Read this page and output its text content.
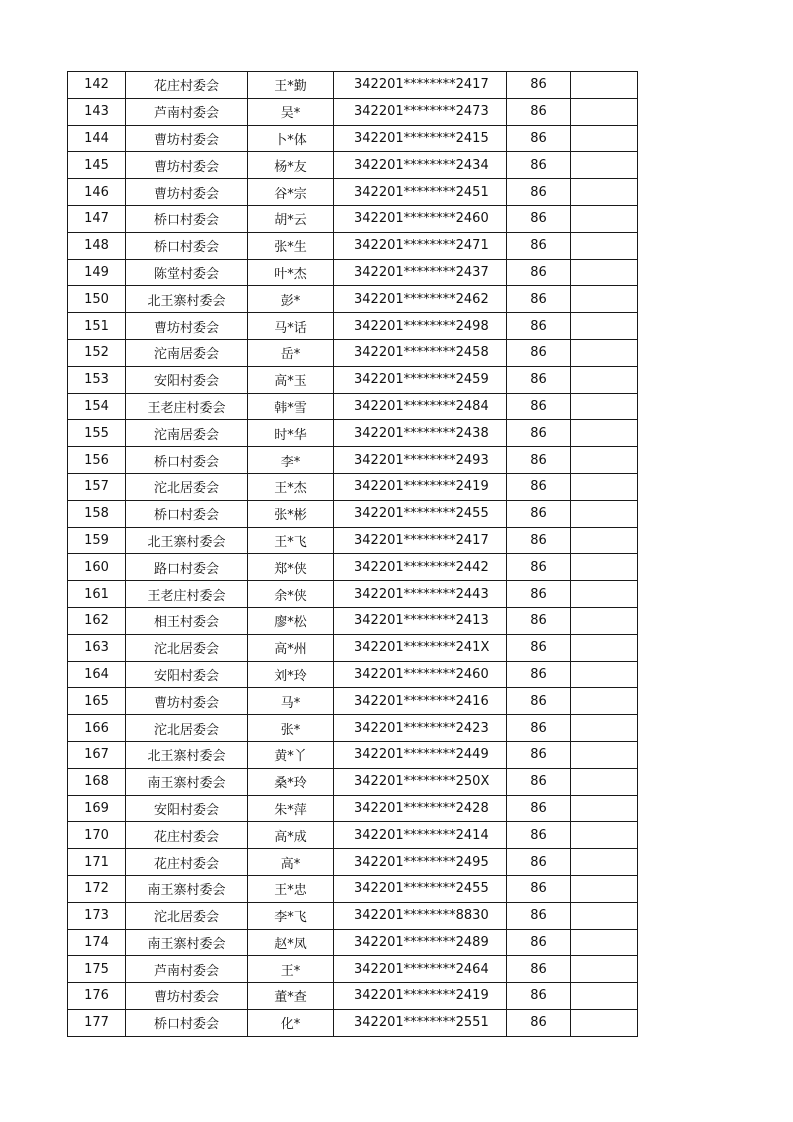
142	花庄村委会	王*勤	342201********2417	86	
143	芦南村委会	吴*	342201********2473	86	
144	曹坊村委会	卜*体	342201********2415	86	
145	曹坊村委会	杨*友	342201********2434	86	
146	曹坊村委会	谷*宗	342201********2451	86	
147	桥口村委会	胡*云	342201********2460	86	
148	桥口村委会	张*生	342201********2471	86	
149	陈堂村委会	叶*杰	342201********2437	86	
150	北王寨村委会	彭*	342201********2462	86	
151	曹坊村委会	马*话	342201********2498	86	
152	沱南居委会	岳*	342201********2458	86	
153	安阳村委会	高*玉	342201********2459	86	
154	王老庄村委会	韩*雪	342201********2484	86	
155	沱南居委会	时*华	342201********2438	86	
156	桥口村委会	李*	342201********2493	86	
157	沱北居委会	王*杰	342201********2419	86	
158	桥口村委会	张*彬	342201********2455	86	
159	北王寨村委会	王*飞	342201********2417	86	
160	路口村委会	郑*侠	342201********2442	86	
161	王老庄村委会	余*侠	342201********2443	86	
162	相王村委会	廖*松	342201********2413	86	
163	沱北居委会	高*州	342201********241X	86	
164	安阳村委会	刘*玲	342201********2460	86	
165	曹坊村委会	马*	342201********2416	86	
166	沱北居委会	张*	342201********2423	86	
167	北王寨村委会	黄*丫	342201********2449	86	
168	南王寨村委会	桑*玲	342201********250X	86	
169	安阳村委会	朱*萍	342201********2428	86	
170	花庄村委会	高*成	342201********2414	86	
171	花庄村委会	高*	342201********2495	86	
172	南王寨村委会	王*忠	342201********2455	86	
173	沱北居委会	李*飞	342201********8830	86	
174	南王寨村委会	赵*凤	342201********2489	86	
175	芦南村委会	王*	342201********2464	86	
176	曹坊村委会	董*查	342201********2419	86	
177	桥口村委会	化*	342201********2551	86	
